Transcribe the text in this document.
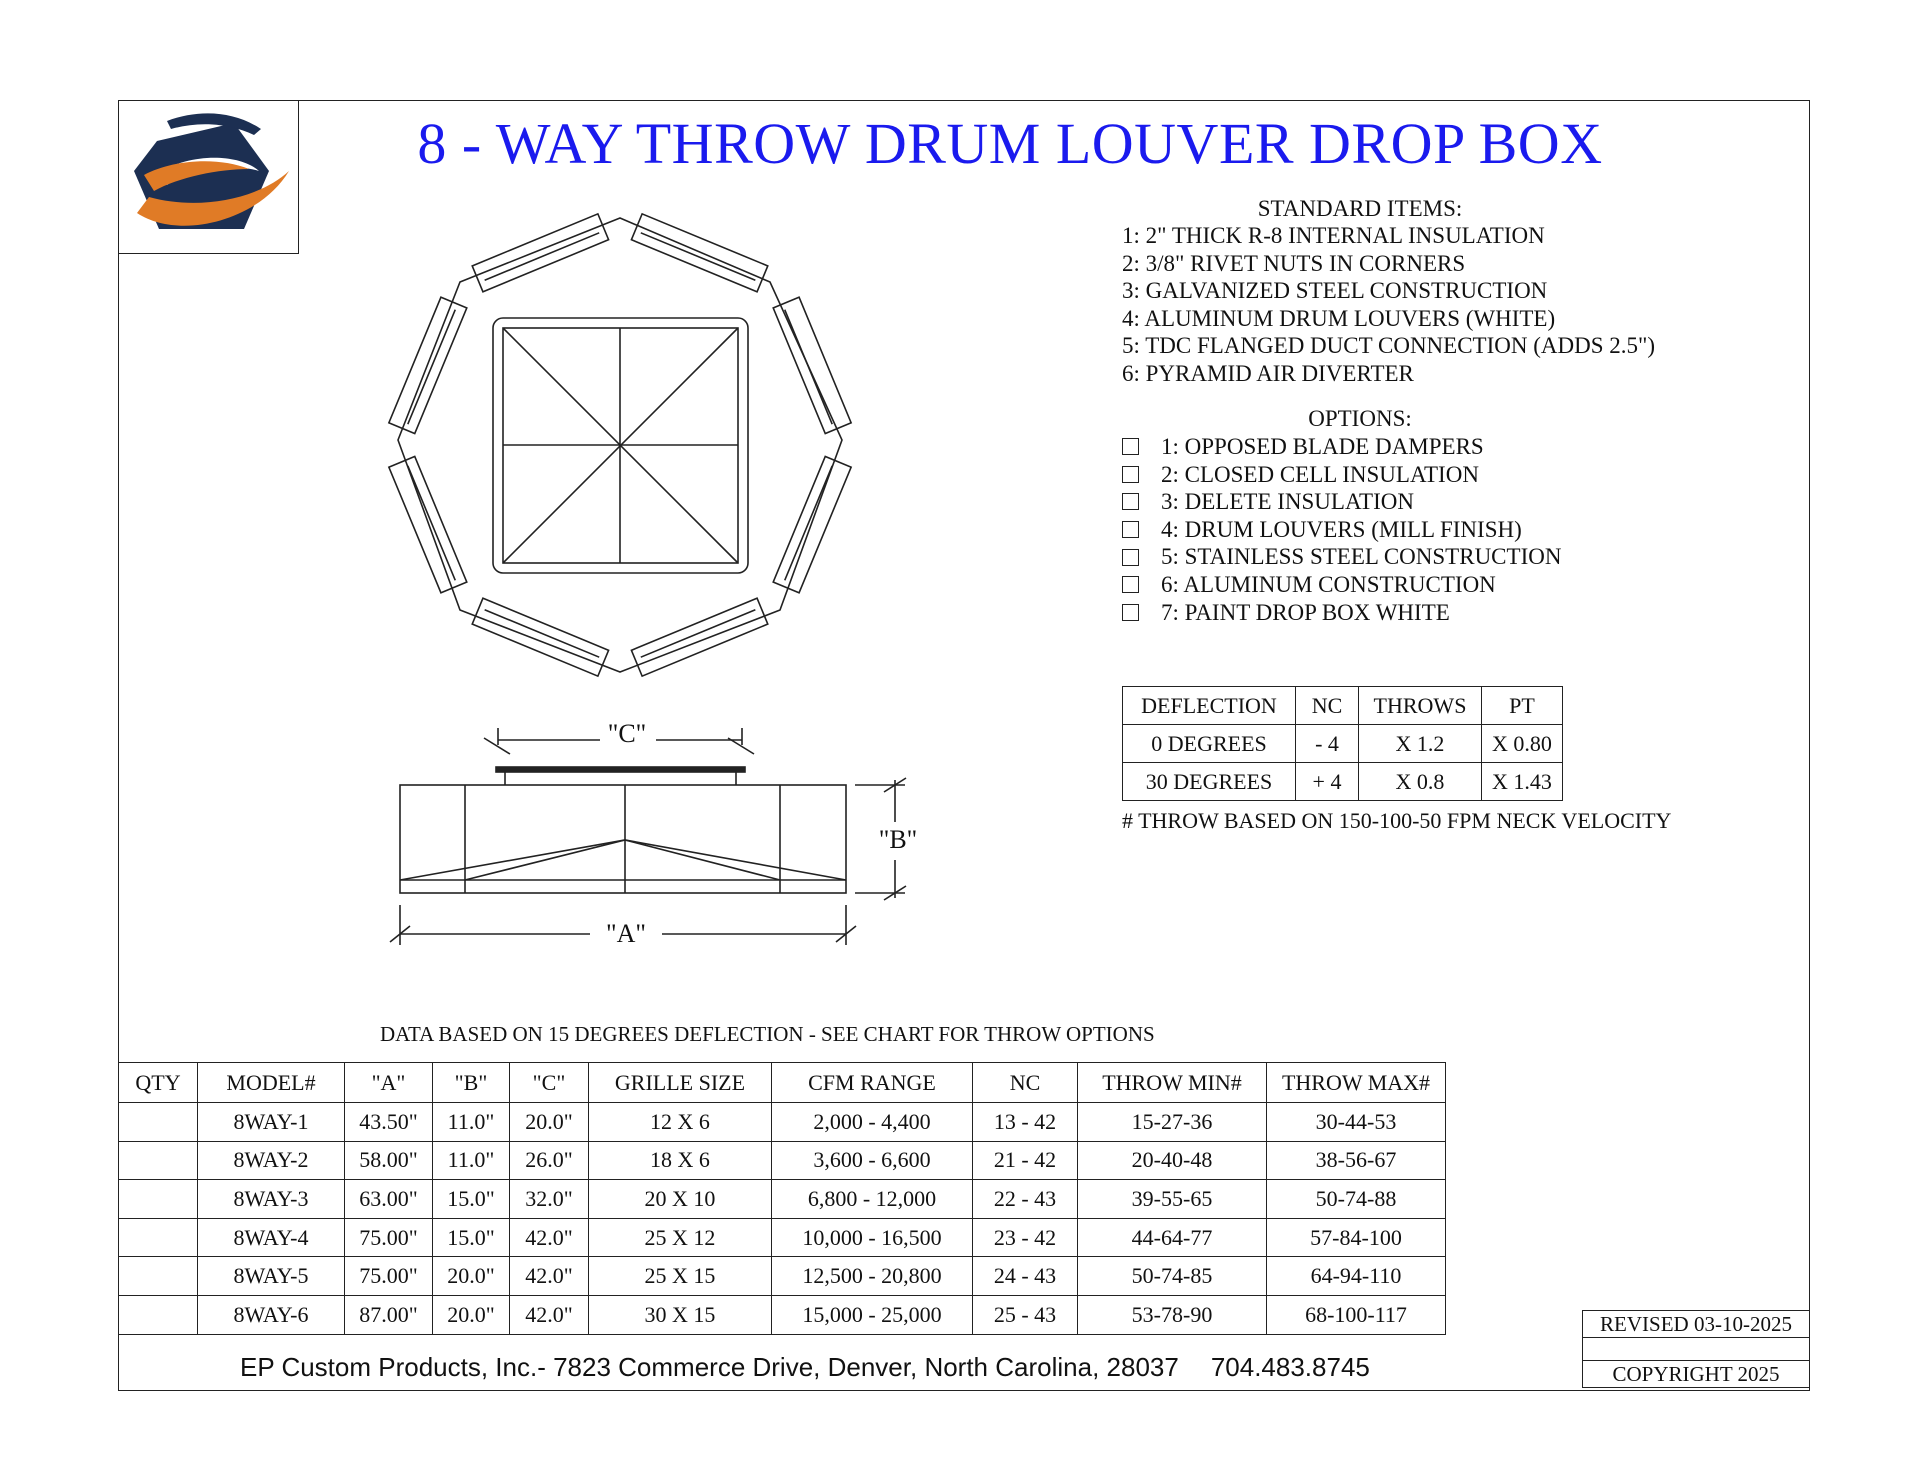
8 - WAY THROW DRUM LOUVER DROP BOX
STANDARD ITEMS:
1: 2" THICK R-8 INTERNAL INSULATION
2: 3/8" RIVET NUTS IN CORNERS
3: GALVANIZED STEEL CONSTRUCTION
4: ALUMINUM DRUM LOUVERS (WHITE)
5: TDC FLANGED DUCT CONNECTION (ADDS 2.5")
6: PYRAMID AIR DIVERTER
OPTIONS:
1: OPPOSED BLADE DAMPERS
2: CLOSED CELL INSULATION
3: DELETE INSULATION
4: DRUM LOUVERS (MILL FINISH)
5: STAINLESS STEEL CONSTRUCTION
6: ALUMINUM CONSTRUCTION
7: PAINT DROP BOX WHITE
DEFLECTION	NC	THROWS	PT
0 DEGREES	- 4	X 1.2	X 0.80
30 DEGREES	+ 4	X 0.8	X 1.43
# THROW BASED ON 150-100-50 FPM NECK VELOCITY
"C"
"B"
"A"
DATA BASED ON 15 DEGREES DEFLECTION - SEE CHART FOR THROW OPTIONS
QTY	MODEL#	"A"	"B"	"C"	GRILLE SIZE	CFM RANGE	NC	THROW MIN#	THROW MAX#
	8WAY-1	43.50"	11.0"	20.0"	12 X 6	2,000 - 4,400	13 - 42	15-27-36	30-44-53
	8WAY-2	58.00"	11.0"	26.0"	18 X 6	3,600 - 6,600	21 - 42	20-40-48	38-56-67
	8WAY-3	63.00"	15.0"	32.0"	20 X 10	6,800 - 12,000	22 - 43	39-55-65	50-74-88
	8WAY-4	75.00"	15.0"	42.0"	25 X 12	10,000 - 16,500	23 - 42	44-64-77	57-84-100
	8WAY-5	75.00"	20.0"	42.0"	25 X 15	12,500 - 20,800	24 - 43	50-74-85	64-94-110
	8WAY-6	87.00"	20.0"	42.0"	30 X 15	15,000 - 25,000	25 - 43	53-78-90	68-100-117
EP Custom Products, Inc.- 7823 Commerce Drive, Denver, North Carolina, 28037 704.483.8745
REVISED 03-10-2025

COPYRIGHT 2025
